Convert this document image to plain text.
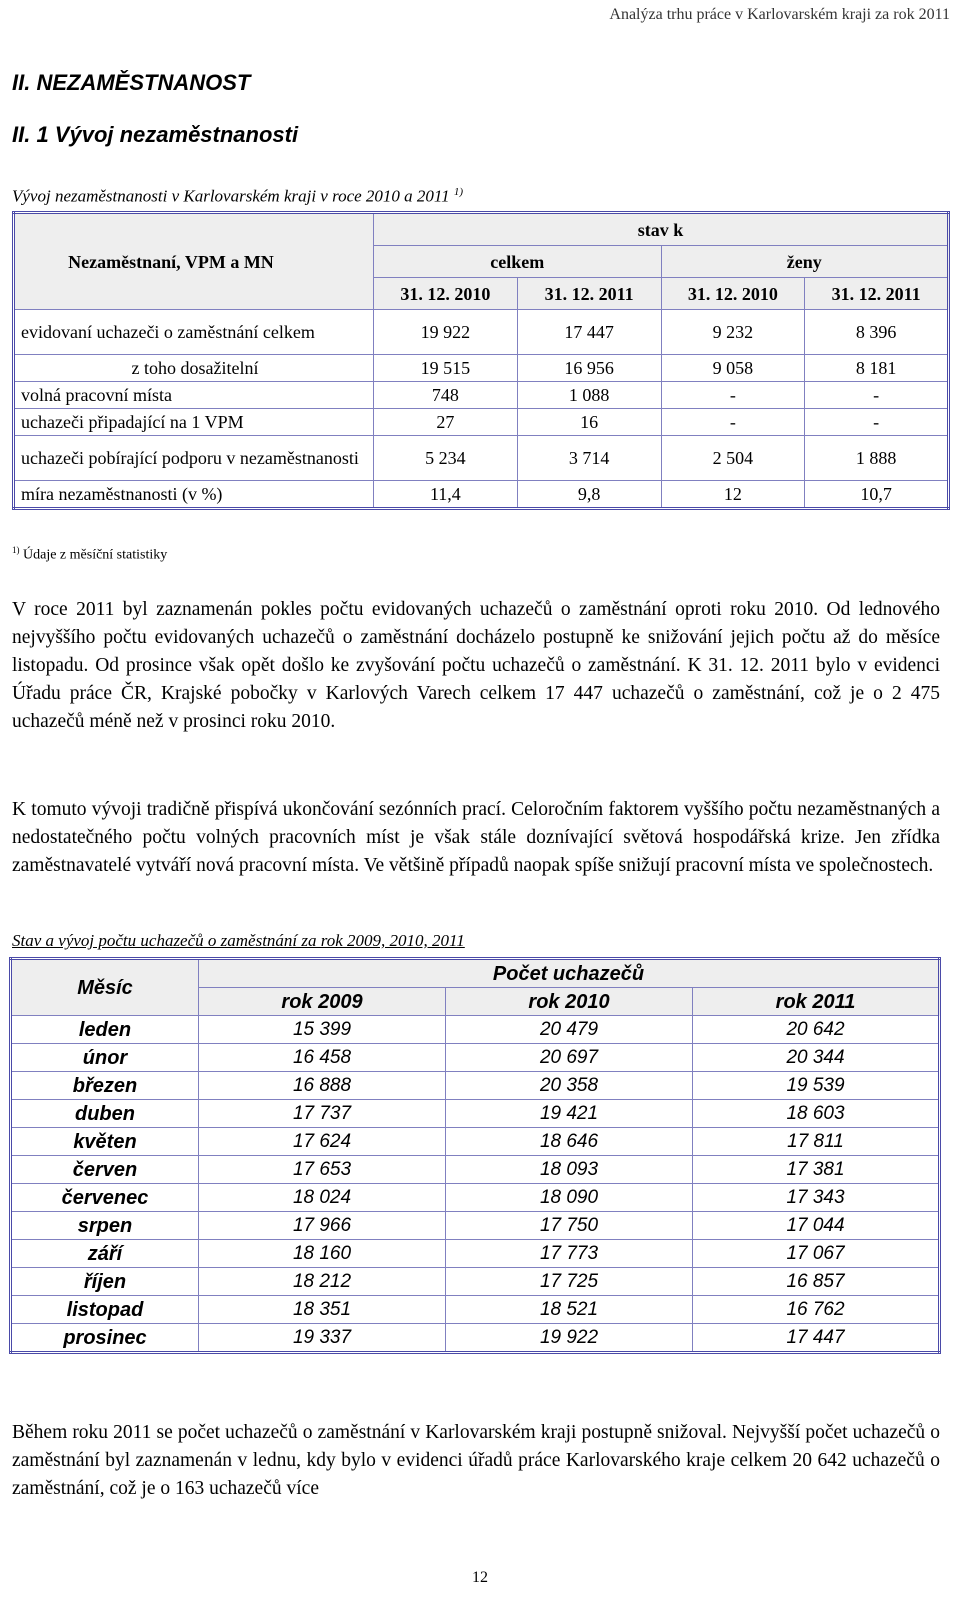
Analýza trhu práce v Karlovarském kraji za rok 2011
II. NEZAMĚSTNANOST
II. 1 Vývoj nezaměstnanosti
Vývoj nezaměstnanosti v Karlovarském kraji v roce 2010 a 2011 $^{1)}$
Nezaměstnaní, VPM a MN	stav k			
	celkem		ženy	
	31. 12. 2010	31. 12. 2011	31. 12. 2010	31. 12. 2011
evidovaní uchazeči o zaměstnání celkem	19 922	17 447	9 232	8 396
z toho dosažitelní	19 515	16 956	9 058	8 181
volná pracovní místa	748	1 088	-	-
uchazeči připadající na 1 VPM	27	16	-	-
uchazeči pobírající podporu v nezaměstnanosti	5 234	3 714	2 504	1 888
míra nezaměstnanosti (v %)	11,4	9,8	12	10,7
$^{1)}$ Údaje z měsíční statistiky

V roce 2011 byl zaznamenán pokles počtu evidovaných uchazečů o zaměstnání oproti roku 2010. Od lednového nejvyššího počtu evidovaných uchazečů o zaměstnání docházelo postupně ke snižování jejich počtu až do měsíce listopadu. Od prosince však opět došlo ke zvyšování počtu uchazečů o zaměstnání. K 31. 12. 2011 bylo v evidenci Úřadu práce ČR, Krajské pobočky v Karlových Varech celkem 17 447 uchazečů o zaměstnání, což je o 2 475 uchazečů méně než v prosinci roku 2010.

K tomuto vývoji tradičně přispívá ukončování sezónních prací. Celoročním faktorem vyššího počtu nezaměstnaných a nedostatečného počtu volných pracovních míst je však stále doznívající světová hospodářská krize. Jen zřídka zaměstnavatelé vytváří nová pracovní místa. Ve většině případů naopak spíše snižují pracovní místa ve společnostech.

Stav a vývoj počtu uchazečů o zaměstnání za rok 2009, 2010, 2011
Měsíc	Počet uchazečů		
	rok 2009	rok 2010	rok 2011
leden	15 399	20 479	20 642
únor	16 458	20 697	20 344
březen	16 888	20 358	19 539
duben	17 737	19 421	18 603
květen	17 624	18 646	17 811
červen	17 653	18 093	17 381
červenec	18 024	18 090	17 343
srpen	17 966	17 750	17 044
září	18 160	17 773	17 067
říjen	18 212	17 725	16 857
listopad	18 351	18 521	16 762
prosinec	19 337	19 922	17 447

Během roku 2011 se počet uchazečů o zaměstnání v Karlovarském kraji postupně snižoval. Nejvyšší počet uchazečů o zaměstnání byl zaznamenán v lednu, kdy bylo v evidenci úřadů práce Karlovarského kraje celkem 20 642 uchazečů o zaměstnání, což je o 163 uchazečů více

12
